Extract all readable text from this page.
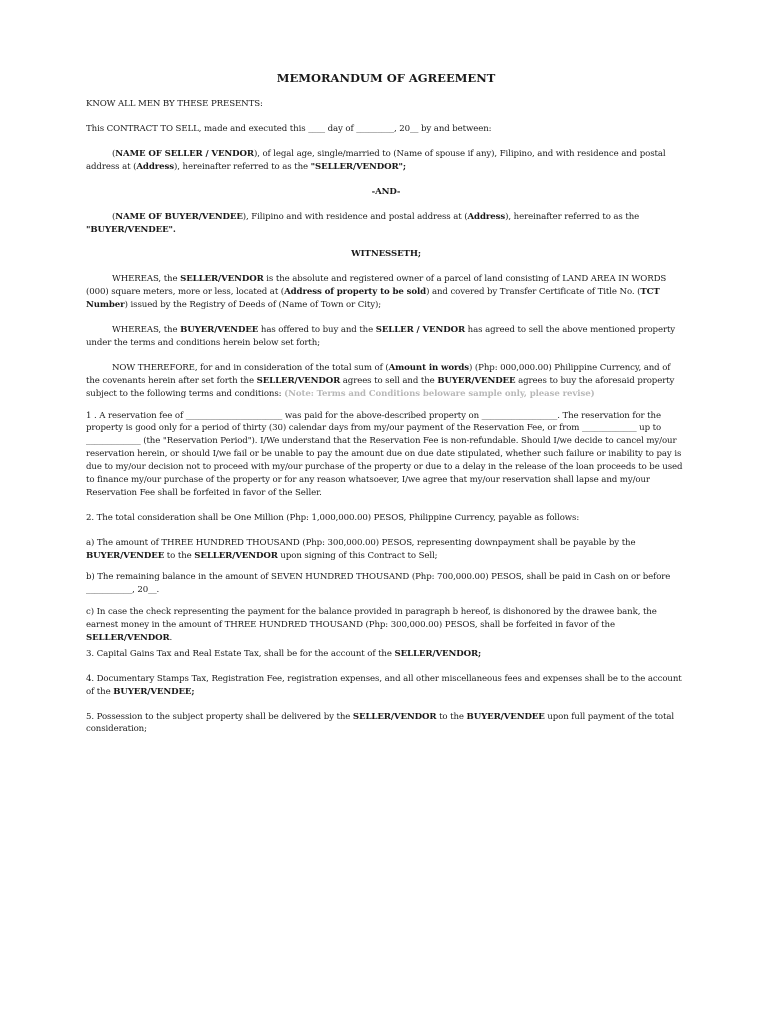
MEMORANDUM OF AGREEMENT

KNOW ALL MEN BY THESE PRESENTS:

This CONTRACT TO SELL, made and executed this ____ day of _________, 20__ by and between:

(NAME OF SELLER / VENDOR), of legal age, single/married to (Name of spouse if any), Filipino, and with residence and postal address at (Address), hereinafter referred to as the "SELLER/VENDOR";

-AND-

(NAME OF BUYER/VENDEE), Filipino and with residence and postal address at (Address), hereinafter referred to as the "BUYER/VENDEE".

WITNESSETH;

WHEREAS, the SELLER/VENDOR is the absolute and registered owner of a parcel of land consisting of LAND AREA IN WORDS (000) square meters, more or less, located at (Address of property to be sold) and covered by Transfer Certificate of Title No. (TCT Number) issued by the Registry of Deeds of (Name of Town or City);

WHEREAS, the BUYER/VENDEE has offered to buy and the SELLER / VENDOR has agreed to sell the above mentioned property under the terms and conditions herein below set forth;

NOW THEREFORE, for and in consideration of the total sum of (Amount in words) (Php: 000,000.00) Philippine Currency, and of the covenants herein after set forth the SELLER/VENDOR agrees to sell and the BUYER/VENDEE agrees to buy the aforesaid property subject to the following terms and conditions: (Note: Terms and Conditions beloware sample only, please revise)

1 . A reservation fee of _______________________ was paid for the above-described property on __________________. The reservation for the property is good only for a period of thirty (30) calendar days from my/our payment of the Reservation Fee, or from _____________ up to _____________ (the "Reservation Period"). I/We understand that the Reservation Fee is non-refundable. Should I/we decide to cancel my/our reservation herein, or should I/we fail or be unable to pay the amount due on due date stipulated, whether such failure or inability to pay is due to my/our decision not to proceed with my/our purchase of the property or due to a delay in the release of the loan proceeds to be used to finance my/our purchase of the property or for any reason whatsoever, I/we agree that my/our reservation shall lapse and my/our Reservation Fee shall be forfeited in favor of the Seller.

2. The total consideration shall be One Million (Php: 1,000,000.00) PESOS, Philippine Currency, payable as follows:

a) The amount of THREE HUNDRED THOUSAND (Php: 300,000.00) PESOS, representing downpayment shall be payable by the BUYER/VENDEE to the SELLER/VENDOR upon signing of this Contract to Sell;

b) The remaining balance in the amount of SEVEN HUNDRED THOUSAND (Php: 700,000.00) PESOS, shall be paid in Cash on or before ___________, 20__.

c) In case the check representing the payment for the balance provided in paragraph b hereof, is dishonored by the drawee bank, the earnest money in the amount of THREE HUNDRED THOUSAND (Php: 300,000.00) PESOS, shall be forfeited in favor of the SELLER/VENDOR.

3. Capital Gains Tax and Real Estate Tax, shall be for the account of the SELLER/VENDOR;

4. Documentary Stamps Tax, Registration Fee, registration expenses, and all other miscellaneous fees and expenses shall be to the account of the BUYER/VENDEE;

5. Possession to the subject property shall be delivered by the SELLER/VENDOR to the BUYER/VENDEE upon full payment of the total consideration;
